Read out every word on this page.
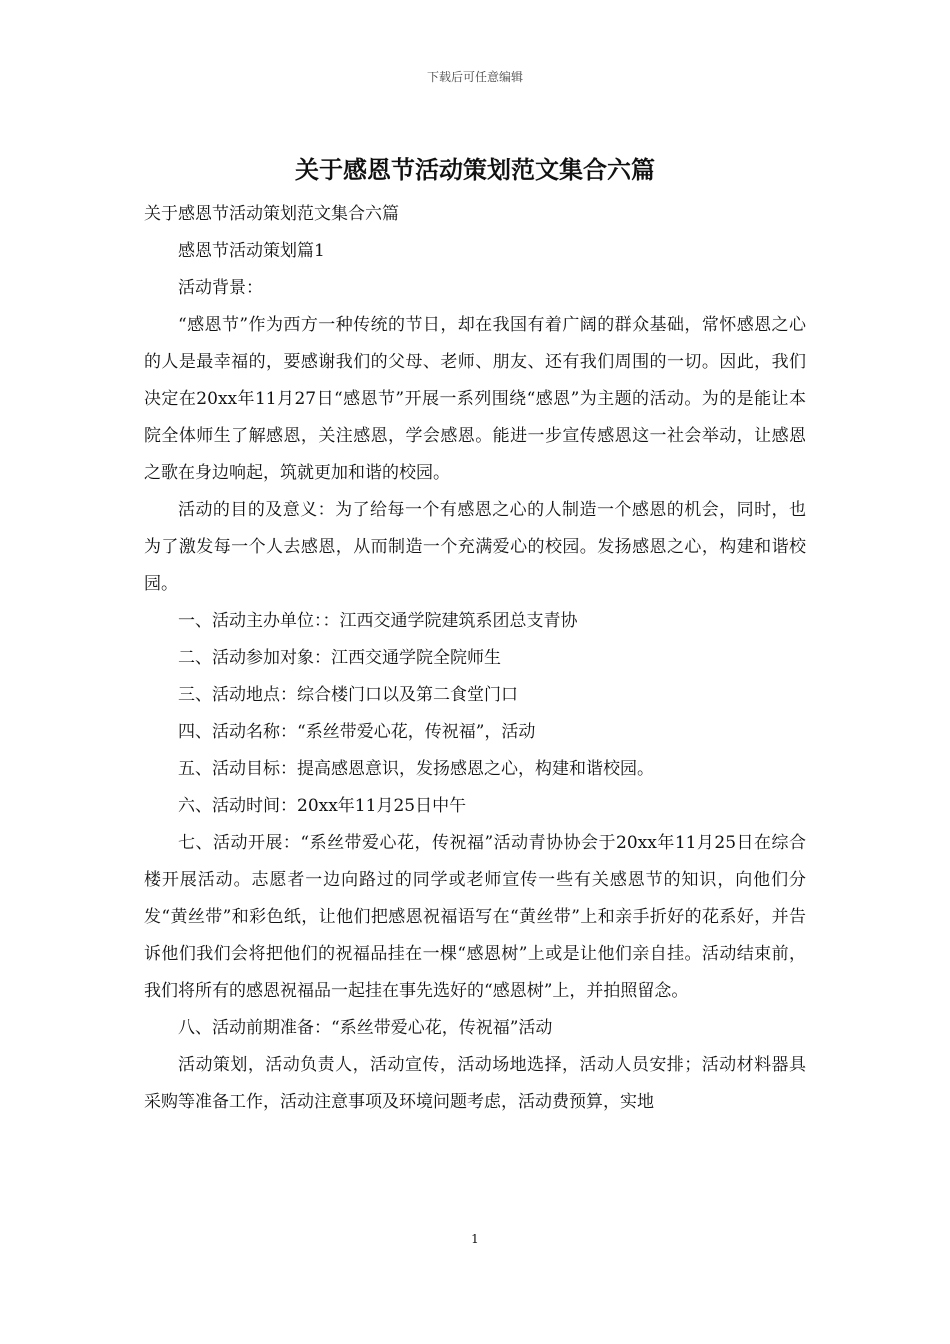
下载后可任意编辑
关于感恩节活动策划范文集合六篇

关于感恩节活动策划范文集合六篇

感恩节活动策划篇1

活动背景：

“感恩节”作为西方一种传统的节日，却在我国有着广阔的群众基础，常怀感恩之心的人是最幸福的，要感谢我们的父母、老师、朋友、还有我们周围的一切。因此，我们决定在20xx年11月27日“感恩节”开展一系列围绕“感恩”为主题的活动。为的是能让本院全体师生了解感恩，关注感恩，学会感恩。能进一步宣传感恩这一社会举动，让感恩之歌在身边响起，筑就更加和谐的校园。

活动的目的及意义：为了给每一个有感恩之心的人制造一个感恩的机会，同时，也为了激发每一个人去感恩，从而制造一个充满爱心的校园。发扬感恩之心，构建和谐校园。

一、活动主办单位：：江西交通学院建筑系团总支青协

二、活动参加对象：江西交通学院全院师生

三、活动地点：综合楼门口以及第二食堂门口

四、活动名称：“系丝带爱心花，传祝福”，活动

五、活动目标：提高感恩意识，发扬感恩之心，构建和谐校园。

六、活动时间：20xx年11月25日中午

七、活动开展：“系丝带爱心花，传祝福”活动青协协会于20xx年11月25日在综合楼开展活动。志愿者一边向路过的同学或老师宣传一些有关感恩节的知识，向他们分发“黄丝带”和彩色纸，让他们把感恩祝福语写在“黄丝带”上和亲手折好的花系好，并告诉他们我们会将把他们的祝福品挂在一棵“感恩树”上或是让他们亲自挂。活动结束前，我们将所有的感恩祝福品一起挂在事先选好的“感恩树”上，并拍照留念。

八、活动前期准备：“系丝带爱心花，传祝福”活动

活动策划，活动负责人，活动宣传，活动场地选择，活动人员安排；活动材料器具采购等准备工作，活动注意事项及环境问题考虑，活动费预算，实地

1
